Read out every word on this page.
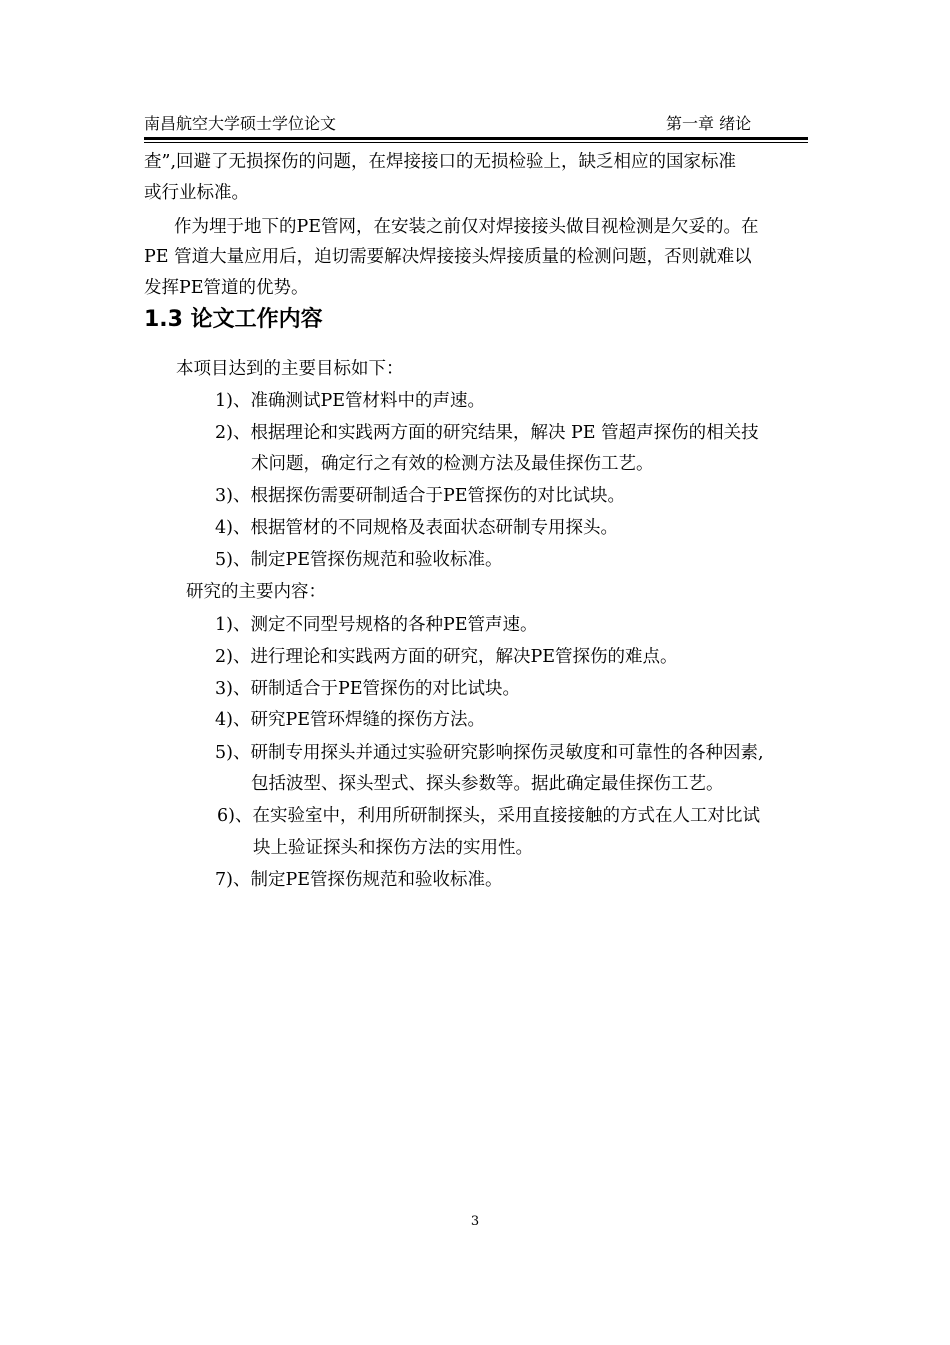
南昌航空大学硕士学位论文	第一章 绪论
查”,回避了无损探伤的问题，在焊接接口的无损检验上，缺乏相应的国家标准
或行业标准。
作为埋于地下的PE管网，在安装之前仅对焊接接头做目视检测是欠妥的。在
PE 管道大量应用后，迫切需要解决焊接接头焊接质量的检测问题，否则就难以
发挥PE管道的优势。
1.3 论文工作内容
本项目达到的主要目标如下：
1)、准确测试PE管材料中的声速。
2)、根据理论和实践两方面的研究结果，解决 PE 管超声探伤的相关技
术问题，确定行之有效的检测方法及最佳探伤工艺。
3)、根据探伤需要研制适合于PE管探伤的对比试块。
4)、根据管材的不同规格及表面状态研制专用探头。
5)、制定PE管探伤规范和验收标准。
研究的主要内容：
1)、测定不同型号规格的各种PE管声速。
2)、进行理论和实践两方面的研究，解决PE管探伤的难点。
3)、研制适合于PE管探伤的对比试块。
4)、研究PE管环焊缝的探伤方法。
5)、研制专用探头并通过实验研究影响探伤灵敏度和可靠性的各种因素,
包括波型、探头型式、探头参数等。据此确定最佳探伤工艺。
6)、在实验室中，利用所研制探头，采用直接接触的方式在人工对比试
块上验证探头和探伤方法的实用性。
7)、制定PE管探伤规范和验收标准。
3
